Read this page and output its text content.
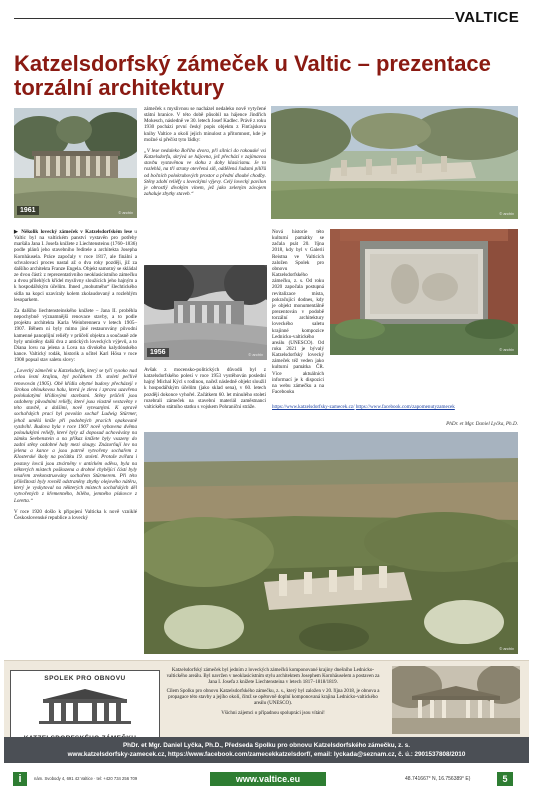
VALTICE
Katzelsdorfský zámeček u Valtic – prezentace
torzální architektury
1961	© archiv

▶ Několik lovecký zámeček v Katzelsdorfském lese u Valtic byl na valtickém panství vystavěn pro potřeby maršála Jana I. Josefa knížete z Liechtensteinu (1760–1836) podle plánů jeho stavebního ředitele a architekta Josepha Kornhäusela. Práce započaly v roce 1817, ale finální a schvalovací proces nastal až o dva roky později, již za dalšího architekta Franze Engela. Objekt samotný se skládal ze dvou částí: z reprezentativního neoklasicistního zámečku a dvou přilehlých křídel myslivny sloužících jeho hajným a k hospodářským účelům. Ihned „mohutného“ šlechtického sídla na kopci uzavíraly kolem zkolaudovaný a rozlehlým lesoparkem.

Za dalšího liechtensteinského knížete – Jana II. proběhla nepochybně významnější renovace stavby, a to podle projektu architekta Karla Weinbrennera v letech 1905–1907. Během ní byly mimo jiné restaurovány původní kamenné panoplijní reliéfy v průčelí objektu a současně zde byly umístěny další dva z antických loveckých výjevů, a to Diana lovu na jelena a Lova na divokého kalydónského kance. Valtický rodák, historik a učitel Karl Hösa v roce 1908 popsal stav saletu slovy:

„Lovecký zámeček u Katzelsdorfu, který se tyčí vysoko nad celou lesní krajinu, byl počátkem 19. století pečlivě renovován (1905). Obě křídla obytné budovy přecházejí v širokou obloukovou halu, která je zleva i zprava uzavřena polokulatými křídlovými stavbami. Stěny průčelí jsou ozdobeny původními reliéfy, které jsou vlastně vestavěny v této stavbě, a dalšími, nově vytesanými. K opravě sochařských prací byl povolán sochař Ludwig Stürmer, jehož umělá kníže při podobných pracích opakovaně vyzdvihl. Budova byla v roce 1907 nově vybavena dvěma poloulukými reliéfy, které byly až doposud uchovávány na zámku Seebenstein a na příkaz knížete byly vsazeny do zadní stěny ozdobné haly mezi sloupy. Znázorňují lov na jelena a kance a jsou patrně vytvořeny sochařem z Klosterské školy na počátku 19. století. Protože zvířata i postavy lovců jsou ztvárněny v antickém oděvu, byla na některých místech poškozena a drobné chybějící části byly tesařem zrekonstruovány sochařem Stürmerem. Při této příležitosti byly rovněž odstraněny zbytky olejového nátěru, který je vyskytoval na některých místech sochařských děl vytvořených z křemenného, bílého, jemného pískovce z Loretta.“

V roce 1920 došlo k připojení Valticka k nově vzniklé Československé republice a lovecký

zámeček s myslivnou se nacházel nedaleko nově vytyčené státní hranice. V této době působil na hájence Jindřich Mokesch, následně ve 30. letech Josef Kadlec. Právě z roku 1930 pochází první český popis objektu z Finťajskova knihy Valtice a okolí jejich minulost a přítomnost, kde je možné si přečíst tyto řádky:

„V lese nedaleko Bořího dvora, při silnici do rakouské vsi Katzelsdorfu, skrývá se hájovna, jež přechází v zajímavou stavbu vystavěnou ve slohu z doby klasicismu. Je to rozlehlá, na tři strany otevřená síň, oddělená řadami pilířů od bočních polokruhových prostor a přední dlouhé chodby. Stěny zdobí reliéfy s loveckými výjevy. Celý lovecký pavilon je obrostlý divokým vínem, jež jako zeleným závojem zahaluje zbytky staveb.“

1956	© archiv

Avšak z mocensko-politických důvodů byl z katzelsdorfského polesí v roce 1953 vystěhován poslední hajný Michal Kýcl s rodinou, načež následně objekt sloužil k hospodářským účelům (jako sklad sena), v 60. letech pozdějí dokonce vyhořel. Začátkem 60. let minulého století rozebrali zámeček na stavební materiál zaměstnanci valtického státního statku s vojskem Pohraniční stráže.

© archiv

Nová historie této kulturní památky se začala psát 20. října 2018, kdy byl v Galerii Reistna ve Valticích založen Spolek pro obnovu Katzelsdorfského zámečku, z. s. Od roku 2020 započala postupná revitalizace místa, pokračující dodnes, kdy je objekt monumentálně prezentován v podobě torzální architektury loveckého saletu krajinné kompozice Lednicko-valtického areálu (UNESCO). Od roku 2021 je bývalý Katzelsdorfský lovecký zámeček též veden jako kulturní památka ČR. Více aktuálních informací je k dispozici na webu zámečku a na Facebooku

© archiv
https://www.katzelsdorfsky-zamecek.cz/ https://www.facebook.com/zapomenutyzamecek
PhDr. et Mgr. Daniel Lyčka, Ph.D.
© archiv
SPOLEK PRO OBNOVU

Katzelsdorfský zámeček byl jedním z loveckých zámečků komponované krajiny dnešního Lednicko-valtického areálu. Byl navržen v neoklasicistním stylu architektem Josephem Kornhäuselem a postaven za Jana I. Josefa z knížete Liechtensteina v letech 1817–1818/1819.

Cílem Spolku pro obnovu Katzelsdorfského zámečku, z. s., který byl založen v 20. října 2018, je obnova a propagace této stavby a jejího okolí, čímž se opětovně doplní komponovaná krajina Lednicko-valtického areálu (UNESCO).

Všichni zájemci o případnou spolupráci jsou vítáni!

PhDr. et Mgr. Daniel Lyčka, Ph.D., Předseda Spolku pro obnovu Katzelsdorfského zámečku, z. s.
www.katzelsdorfsky-zamecek.cz, https://www.facebook.com/zamecekkatzelsdorf/, email: lyckada@seznam.cz, č. ú.: 2901537808/2010
i	nám. Svobody 4, 691 42 Valtice · tel: +420 734 256 709	www.valtice.eu	48.741667° N, 16.756389° E)	5
